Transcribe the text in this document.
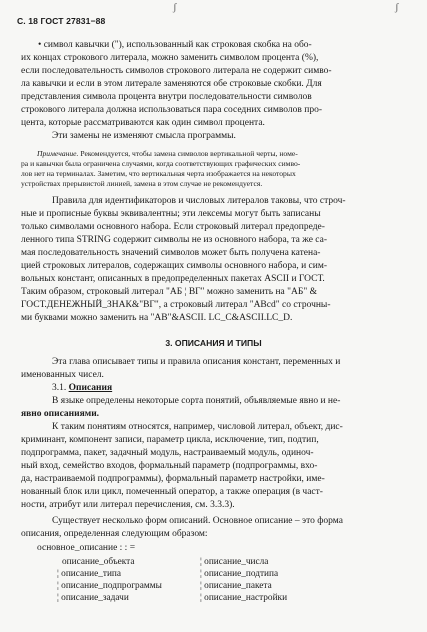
С. 18 ГОСТ 27831−88
ʃ	ʃ
• символ кавычки ("), использованный как строковая скобка на обо-
их концах строкового литерала, можно заменить символом процента (%),
если последовательность символов строкового литерала не содержит симво-
ла кавычки и если в этом литерале заменяются обе строковые скобки. Для
представления символа процента внутри последовательности символов
строкового литерала должна использоваться пара соседних символов про-
цента, которые рассматриваются как один символ процента.
Эти замены не изменяют смысла программы.
Примечание. Рекомендуется, чтобы замена символов вертикальной черты, номе-
ра и кавычки была ограничена случаями, когда соответствующих графических симво-
лов нет на терминалах. Заметим, что вертикальная черта изображается на некоторых
устройствах прерывистой линией, замена в этом случае не рекомендуется.
Правила для идентификаторов и числовых литералов таковы, что строч-
ные и прописные буквы эквивалентны; эти лексемы могут быть записаны
только символами основного набора. Если строковый литерал предопреде-
ленного типа STRING содержит символы не из основного набора, та же са-
мая последовательность значений символов может быть получена катена-
цией строковых литералов, содержащих символы основного набора, и сим-
вольных констант, описанных в предопределенных пакетах ASCII и ГОСТ.
Таким образом, строковый литерал "АБ ¦ ВГ" можно заменить на "АБ" &
ГОСТ.ДЕНЕЖНЫЙ_ЗНАК&"ВГ", а строковый литерал "ABcd" со строчны-
ми буквами можно заменить на "АВ"&ASCII. LC_C&ASCII.LC_D.
3. ОПИСАНИЯ И ТИПЫ
Эта глава описывает типы и правила описания констант, переменных и
именованных чисел.
3.1. Описания
В языке определены некоторые сорта понятий, объявляемые явно и не-
явно описаниями.
К таким понятиям относятся, например, числовой литерал, объект, дис-
криминант, компонент записи, параметр цикла, исключение, тип, подтип,
подпрограмма, пакет, задачный модуль, настраиваемый модуль, одиноч-
ный вход, семейство входов, формальный параметр (подпрограммы, вхо-
да, настраиваемой подпрограммы), формальный параметр настройки, име-
нованный блок или цикл, помеченный оператор, а также операция (в част-
ности, атрибут или литерал перечисления, см. 3.3.3).
Существует несколько форм описаний. Основное описание – это форма
описания, определенная следующим образом:
основное_описание : : =
описание_объекта
¦ описание_типа
¦ описание_подпрограммы
¦ описание_задачи
¦ описание_числа
¦ описание_подтипа
¦ описание_пакета
¦ описание_настройки
